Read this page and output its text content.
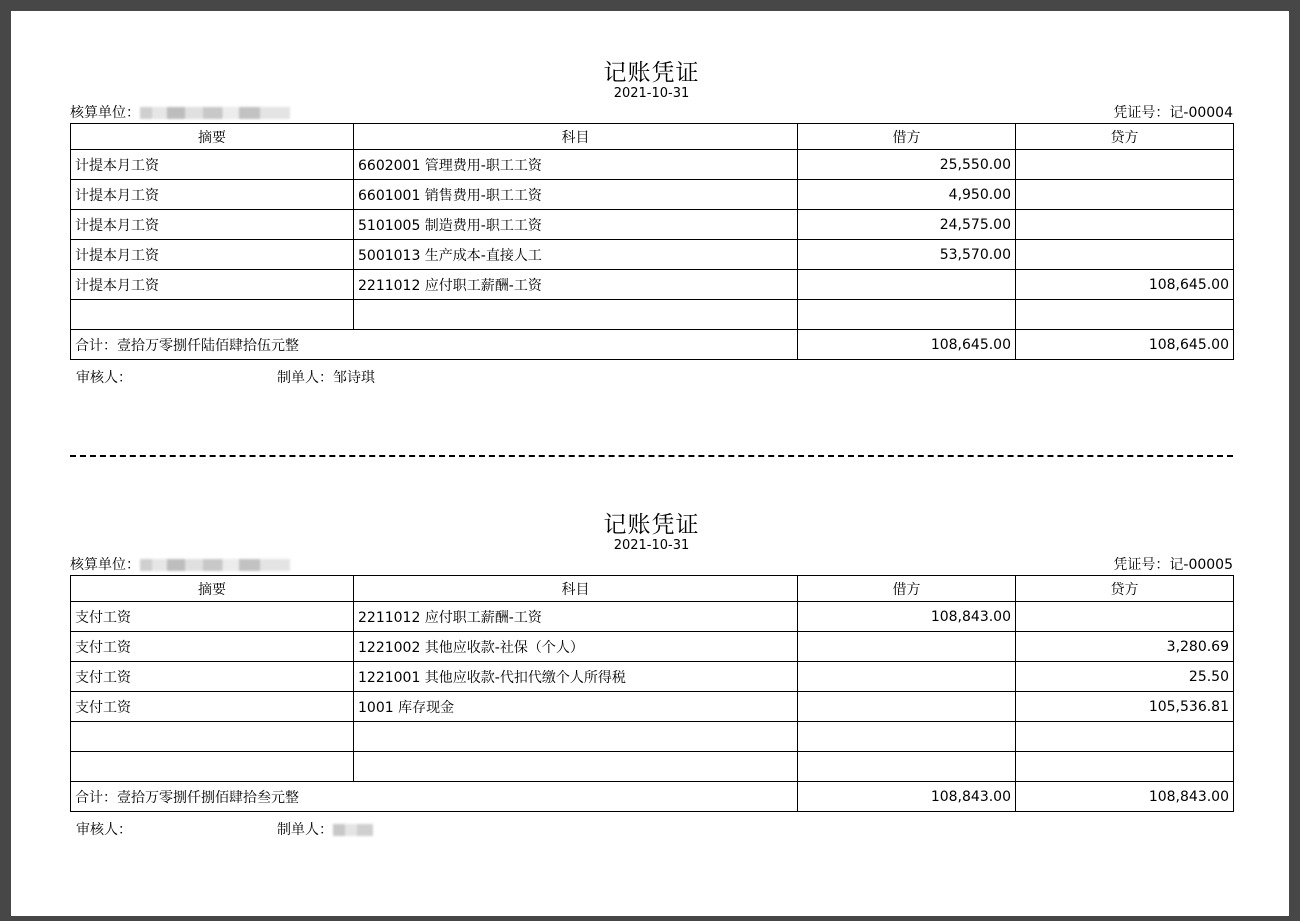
记账凭证
2021-10-31
核算单位：	凭证号：记-00004
摘要	科目	借方	贷方
计提本月工资	6602001 管理费用-职工工资	25,550.00	
计提本月工资	6601001 销售费用-职工工资	4,950.00	
计提本月工资	5101005 制造费用-职工工资	24,575.00	
计提本月工资	5001013 生产成本-直接人工	53,570.00	
计提本月工资	2211012 应付职工薪酬-工资		108,645.00

合计：壹拾万零捌仟陆佰肆拾伍元整		108,645.00	108,645.00
审核人：	制单人：邹诗琪
记账凭证
2021-10-31
核算单位：	凭证号：记-00005
摘要	科目	借方	贷方
支付工资	2211012 应付职工薪酬-工资	108,843.00	
支付工资	1221002 其他应收款-社保（个人）		3,280.69
支付工资	1221001 其他应收款-代扣代缴个人所得税		25.50
支付工资	1001 库存现金		105,536.81

合计：壹拾万零捌仟捌佰肆拾叁元整		108,843.00	108,843.00
审核人：	制单人：
